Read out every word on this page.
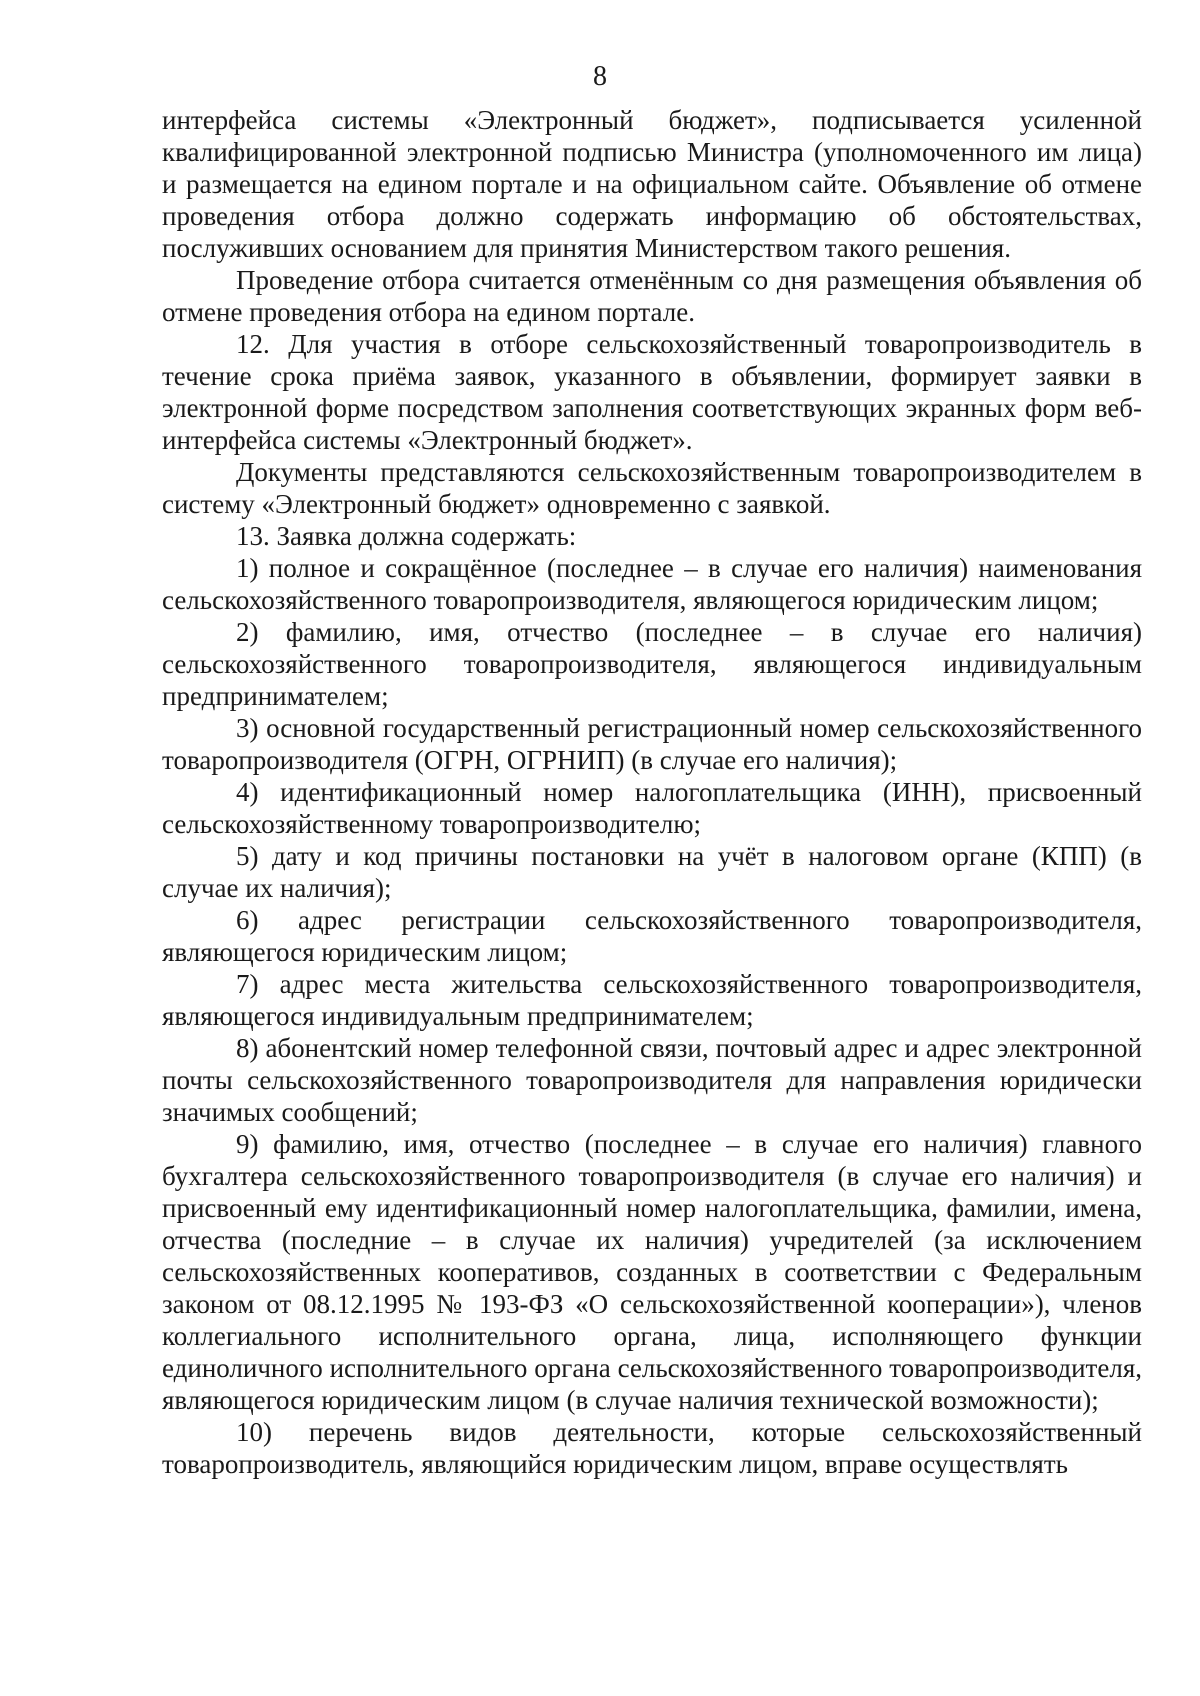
8

интерфейса системы «Электронный бюджет», подписывается усиленной квалифицированной электронной подписью Министра (уполномоченного им лица) и размещается на едином портале и на официальном сайте. Объявление об отмене проведения отбора должно содержать информацию об обстоятельствах, послуживших основанием для принятия Министерством такого решения.

Проведение отбора считается отменённым со дня размещения объявления об отмене проведения отбора на едином портале.

12. Для участия в отборе сельскохозяйственный товаропроизводитель в течение срока приёма заявок, указанного в объявлении, формирует заявки в электронной форме посредством заполнения соответствующих экранных форм веб-интерфейса системы «Электронный бюджет».

Документы представляются сельскохозяйственным товаропроизводителем в систему «Электронный бюджет» одновременно с заявкой.

13. Заявка должна содержать:

1) полное и сокращённое (последнее – в случае его наличия) наименования сельскохозяйственного товаропроизводителя, являющегося юридическим лицом;

2) фамилию, имя, отчество (последнее – в случае его наличия) сельскохозяйственного товаропроизводителя, являющегося индивидуальным предпринимателем;

3) основной государственный регистрационный номер сельскохозяйственного товаропроизводителя (ОГРН, ОГРНИП) (в случае его наличия);

4) идентификационный номер налогоплательщика (ИНН), присвоенный сельскохозяйственному товаропроизводителю;

5) дату и код причины постановки на учёт в налоговом органе (КПП) (в случае их наличия);

6) адрес регистрации сельскохозяйственного товаропроизводителя, являющегося юридическим лицом;

7) адрес места жительства сельскохозяйственного товаропроизводителя, являющегося индивидуальным предпринимателем;

8) абонентский номер телефонной связи, почтовый адрес и адрес электронной почты сельскохозяйственного товаропроизводителя для направления юридически значимых сообщений;

9) фамилию, имя, отчество (последнее – в случае его наличия) главного бухгалтера сельскохозяйственного товаропроизводителя (в случае его наличия) и присвоенный ему идентификационный номер налогоплательщика, фамилии, имена, отчества (последние – в случае их наличия) учредителей (за исключением сельскохозяйственных кооперативов, созданных в соответствии с Федеральным законом от 08.12.1995 № 193-ФЗ «О сельскохозяйственной кооперации»), членов коллегиального исполнительного органа, лица, исполняющего функции единоличного исполнительного органа сельскохозяйственного товаропроизводителя, являющегося юридическим лицом (в случае наличия технической возможности);

10) перечень видов деятельности, которые сельскохозяйственный товаропроизводитель, являющийся юридическим лицом, вправе осуществлять
